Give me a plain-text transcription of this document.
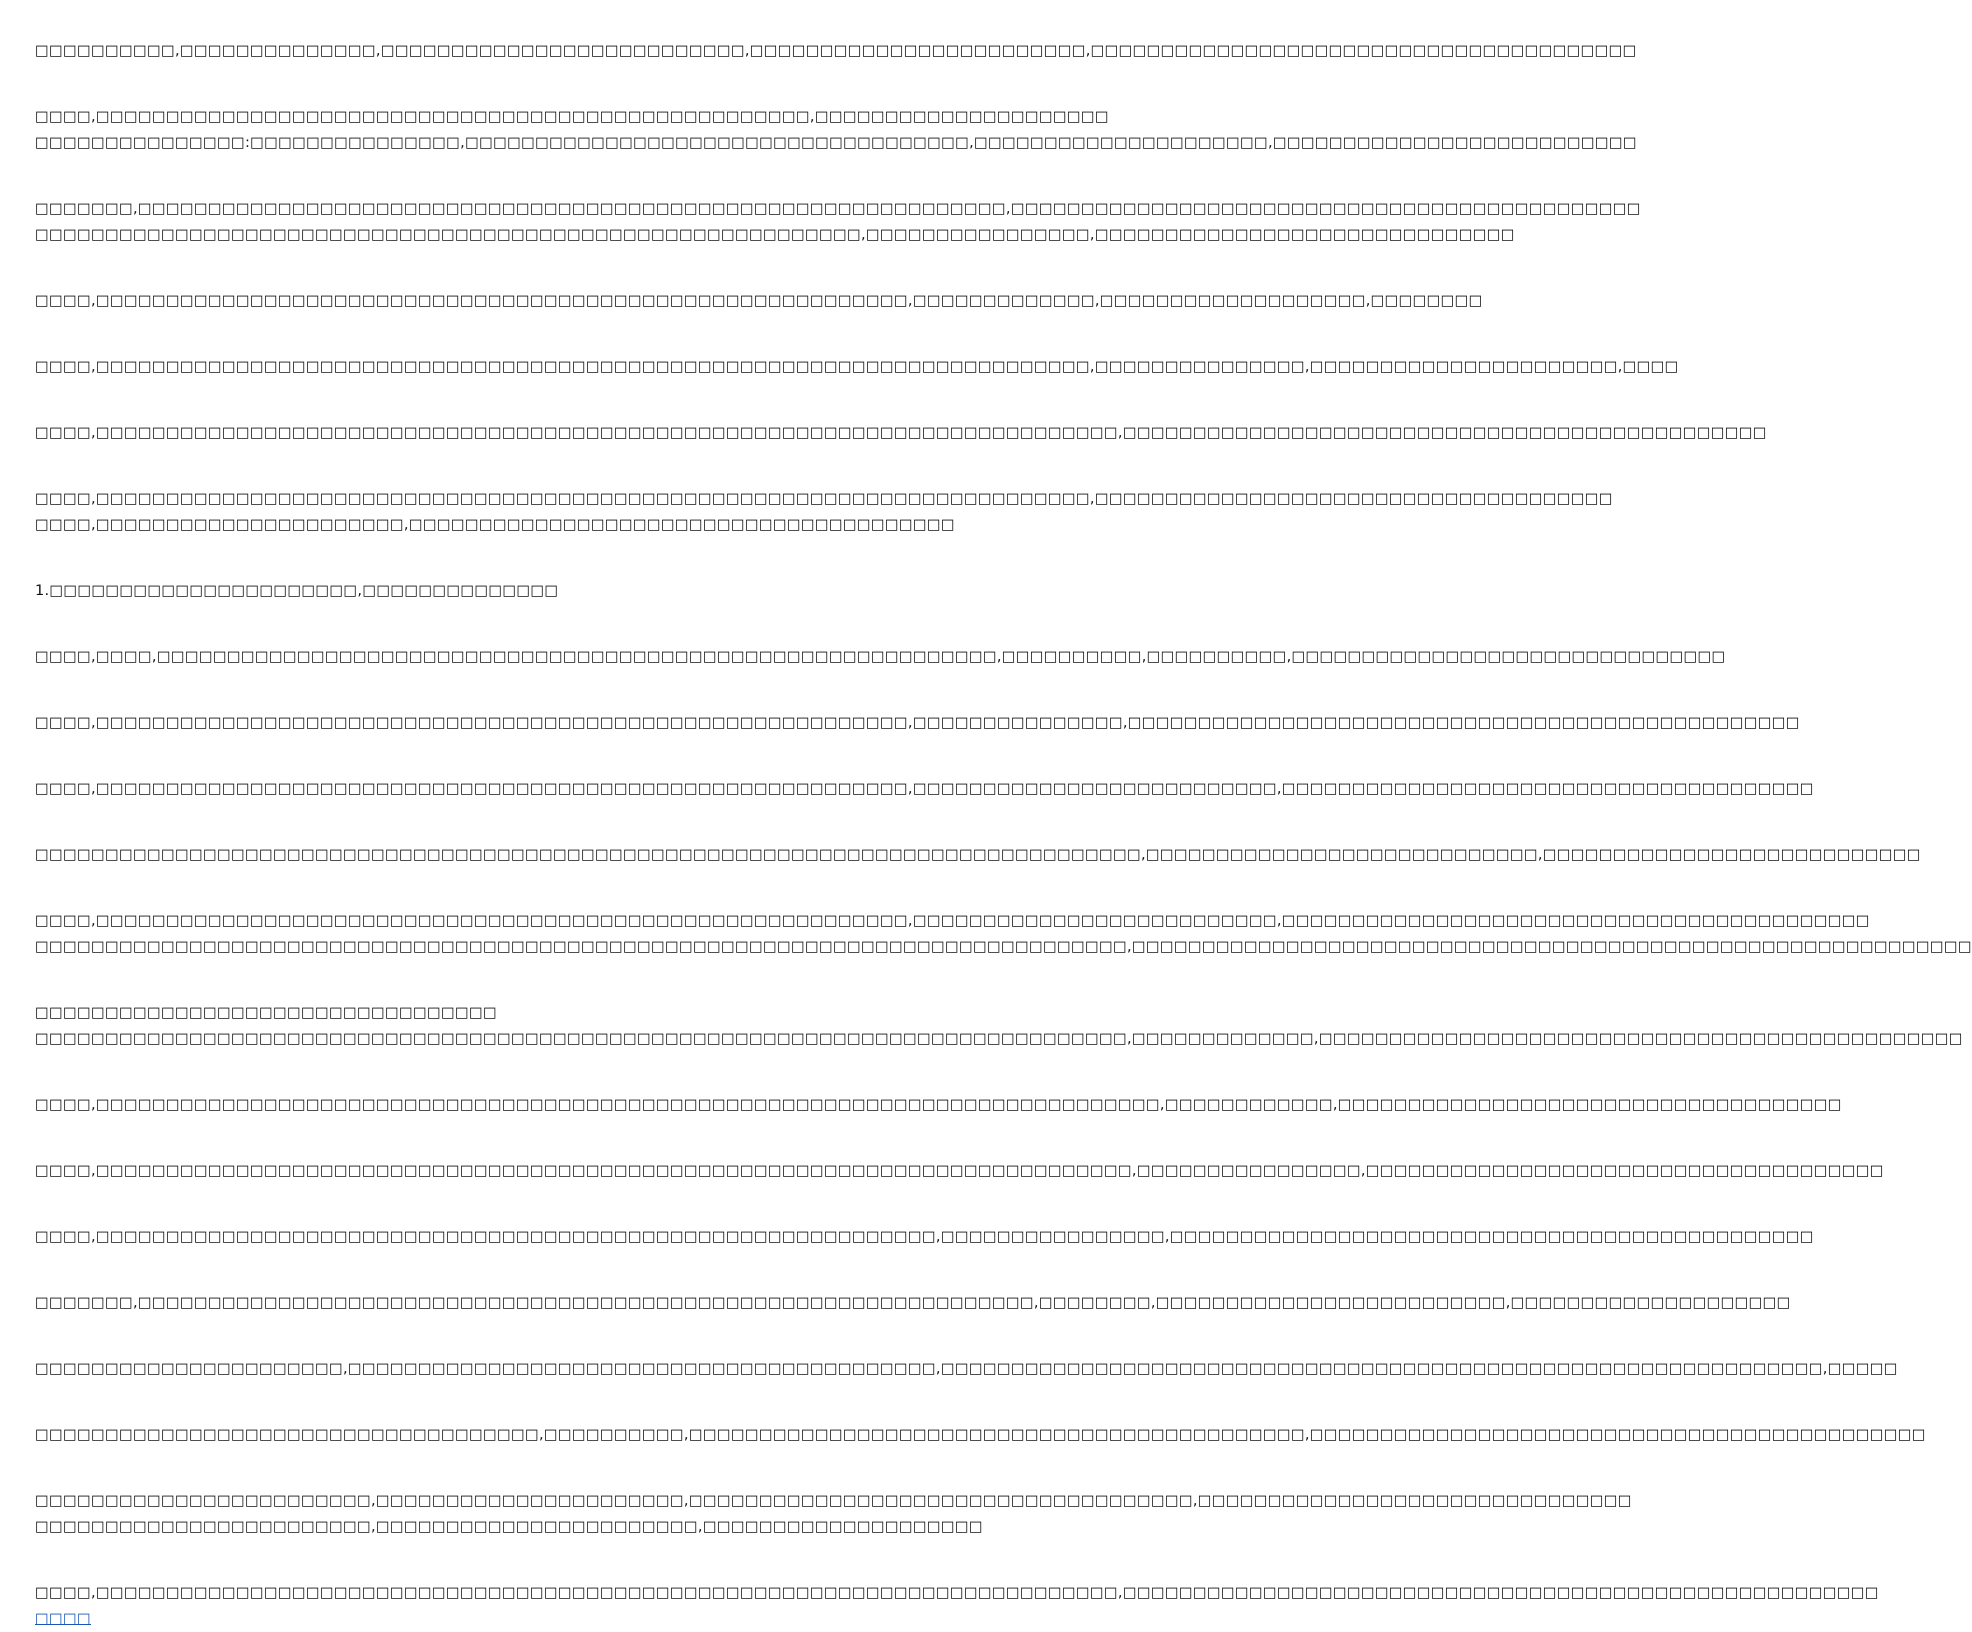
□□□□□□□□□□,□□□□□□□□□□□□□□,□□□□□□□□□□□□□□□□□□□□□□□□□□,□□□□□□□□□□□□□□□□□□□□□□□□,□□□□□□□□□□□□□□□□□□□□□□□□□□□□□□□□□□□□□□□
□□□□,□□□□□□□□□□□□□□□□□□□□□□□□□□□□□□□□□□□□□□□□□□□□□□□□□□□,□□□□□□□□□□□□□□□□□□□□□
□□□□□□□□□□□□□□□:□□□□□□□□□□□□□□□,□□□□□□□□□□□□□□□□□□□□□□□□□□□□□□□□□□□□,□□□□□□□□□□□□□□□□□□□□□,□□□□□□□□□□□□□□□□□□□□□□□□□□
□□□□□□□,□□□□□□□□□□□□□□□□□□□□□□□□□□□□□□□□□□□□□□□□□□□□□□□□□□□□□□□□□□□□□□,□□□□□□□□□□□□□□□□□□□□□□□□□□□□□□□□□□□□□□□□□□□□□
□□□□□□□□□□□□□□□□□□□□□□□□□□□□□□□□□□□□□□□□□□□□□□□□□□□□□□□□□□□,□□□□□□□□□□□□□□□□,□□□□□□□□□□□□□□□□□□□□□□□□□□□□□□
□□□□,□□□□□□□□□□□□□□□□□□□□□□□□□□□□□□□□□□□□□□□□□□□□□□□□□□□□□□□□□□,□□□□□□□□□□□□□,□□□□□□□□□□□□□□□□□□□,□□□□□□□□
□□□□,□□□□□□□□□□□□□□□□□□□□□□□□□□□□□□□□□□□□□□□□□□□□□□□□□□□□□□□□□□□□□□□□□□□□□□□,□□□□□□□□□□□□□□□,□□□□□□□□□□□□□□□□□□□□□□,□□□□
□□□□,□□□□□□□□□□□□□□□□□□□□□□□□□□□□□□□□□□□□□□□□□□□□□□□□□□□□□□□□□□□□□□□□□□□□□□□□□,□□□□□□□□□□□□□□□□□□□□□□□□□□□□□□□□□□□□□□□□□□□□□□
□□□□,□□□□□□□□□□□□□□□□□□□□□□□□□□□□□□□□□□□□□□□□□□□□□□□□□□□□□□□□□□□□□□□□□□□□□□□,□□□□□□□□□□□□□□□□□□□□□□□□□□□□□□□□□□□□□
□□□□,□□□□□□□□□□□□□□□□□□□□□□,□□□□□□□□□□□□□□□□□□□□□□□□□□□□□□□□□□□□□□□
1.□□□□□□□□□□□□□□□□□□□□□□,□□□□□□□□□□□□□□
□□□□,□□□□,□□□□□□□□□□□□□□□□□□□□□□□□□□□□□□□□□□□□□□□□□□□□□□□□□□□□□□□□□□□□,□□□□□□□□□□,□□□□□□□□□□,□□□□□□□□□□□□□□□□□□□□□□□□□□□□□□□
□□□□,□□□□□□□□□□□□□□□□□□□□□□□□□□□□□□□□□□□□□□□□□□□□□□□□□□□□□□□□□□,□□□□□□□□□□□□□□□,□□□□□□□□□□□□□□□□□□□□□□□□□□□□□□□□□□□□□□□□□□□□□□□□
□□□□,□□□□□□□□□□□□□□□□□□□□□□□□□□□□□□□□□□□□□□□□□□□□□□□□□□□□□□□□□□,□□□□□□□□□□□□□□□□□□□□□□□□□□,□□□□□□□□□□□□□□□□□□□□□□□□□□□□□□□□□□□□□□
□□□□□□□□□□□□□□□□□□□□□□□□□□□□□□□□□□□□□□□□□□□□□□□□□□□□□□□□□□□□□□□□□□□□□□□□□□□□□□□,□□□□□□□□□□□□□□□□□□□□□□□□□□□□,□□□□□□□□□□□□□□□□□□□□□□□□□□□
□□□□,□□□□□□□□□□□□□□□□□□□□□□□□□□□□□□□□□□□□□□□□□□□□□□□□□□□□□□□□□□,□□□□□□□□□□□□□□□□□□□□□□□□□□,□□□□□□□□□□□□□□□□□□□□□□□□□□□□□□□□□□□□□□□□□□
□□□□□□□□□□□□□□□□□□□□□□□□□□□□□□□□□□□□□□□□□□□□□□□□□□□□□□□□□□□□□□□□□□□□□□□□□□□□□□,□□□□□□□□□□□□□□□□□□□□□□□□□□□□□□□□□□□□□□□□□□□□□□□□□□□□□□□□□□□□
□□□□□□□□□□□□□□□□□□□□□□□□□□□□□□□□□
□□□□□□□□□□□□□□□□□□□□□□□□□□□□□□□□□□□□□□□□□□□□□□□□□□□□□□□□□□□□□□□□□□□□□□□□□□□□□□,□□□□□□□□□□□□□,□□□□□□□□□□□□□□□□□□□□□□□□□□□□□□□□□□□□□□□□□□□□□□
□□□□,□□□□□□□□□□□□□□□□□□□□□□□□□□□□□□□□□□□□□□□□□□□□□□□□□□□□□□□□□□□□□□□□□□□□□□□□□□□□,□□□□□□□□□□□□,□□□□□□□□□□□□□□□□□□□□□□□□□□□□□□□□□□□□
□□□□,□□□□□□□□□□□□□□□□□□□□□□□□□□□□□□□□□□□□□□□□□□□□□□□□□□□□□□□□□□□□□□□□□□□□□□□□□□,□□□□□□□□□□□□□□□□,□□□□□□□□□□□□□□□□□□□□□□□□□□□□□□□□□□□□□
□□□□,□□□□□□□□□□□□□□□□□□□□□□□□□□□□□□□□□□□□□□□□□□□□□□□□□□□□□□□□□□□□,□□□□□□□□□□□□□□□□,□□□□□□□□□□□□□□□□□□□□□□□□□□□□□□□□□□□□□□□□□□□□□□
□□□□□□□,□□□□□□□□□□□□□□□□□□□□□□□□□□□□□□□□□□□□□□□□□□□□□□□□□□□□□□□□□□□□□□□□,□□□□□□□□,□□□□□□□□□□□□□□□□□□□□□□□□□,□□□□□□□□□□□□□□□□□□□□
□□□□□□□□□□□□□□□□□□□□□□,□□□□□□□□□□□□□□□□□□□□□□□□□□□□□□□□□□□□□□□□□□,□□□□□□□□□□□□□□□□□□□□□□□□□□□□□□□□□□□□□□□□□□□□□□□□□□□□□□□□□□□□□□□,□□□□□
□□□□□□□□□□□□□□□□□□□□□□□□□□□□□□□□□□□□,□□□□□□□□□□,□□□□□□□□□□□□□□□□□□□□□□□□□□□□□□□□□□□□□□□□□□□□,□□□□□□□□□□□□□□□□□□□□□□□□□□□□□□□□□□□□□□□□□□□□
□□□□□□□□□□□□□□□□□□□□□□□□,□□□□□□□□□□□□□□□□□□□□□□,□□□□□□□□□□□□□□□□□□□□□□□□□□□□□□□□□□□□,□□□□□□□□□□□□□□□□□□□□□□□□□□□□□□□
□□□□□□□□□□□□□□□□□□□□□□□□,□□□□□□□□□□□□□□□□□□□□□□□,□□□□□□□□□□□□□□□□□□□□
□□□□,□□□□□□□□□□□□□□□□□□□□□□□□□□□□□□□□□□□□□□□□□□□□□□□□□□□□□□□□□□□□□□□□□□□□□□□□□,□□□□□□□□□□□□□□□□□□□□□□□□□□□□□□□□□□□□□□□□□□□□□□□□□□□□□□
□□□□
